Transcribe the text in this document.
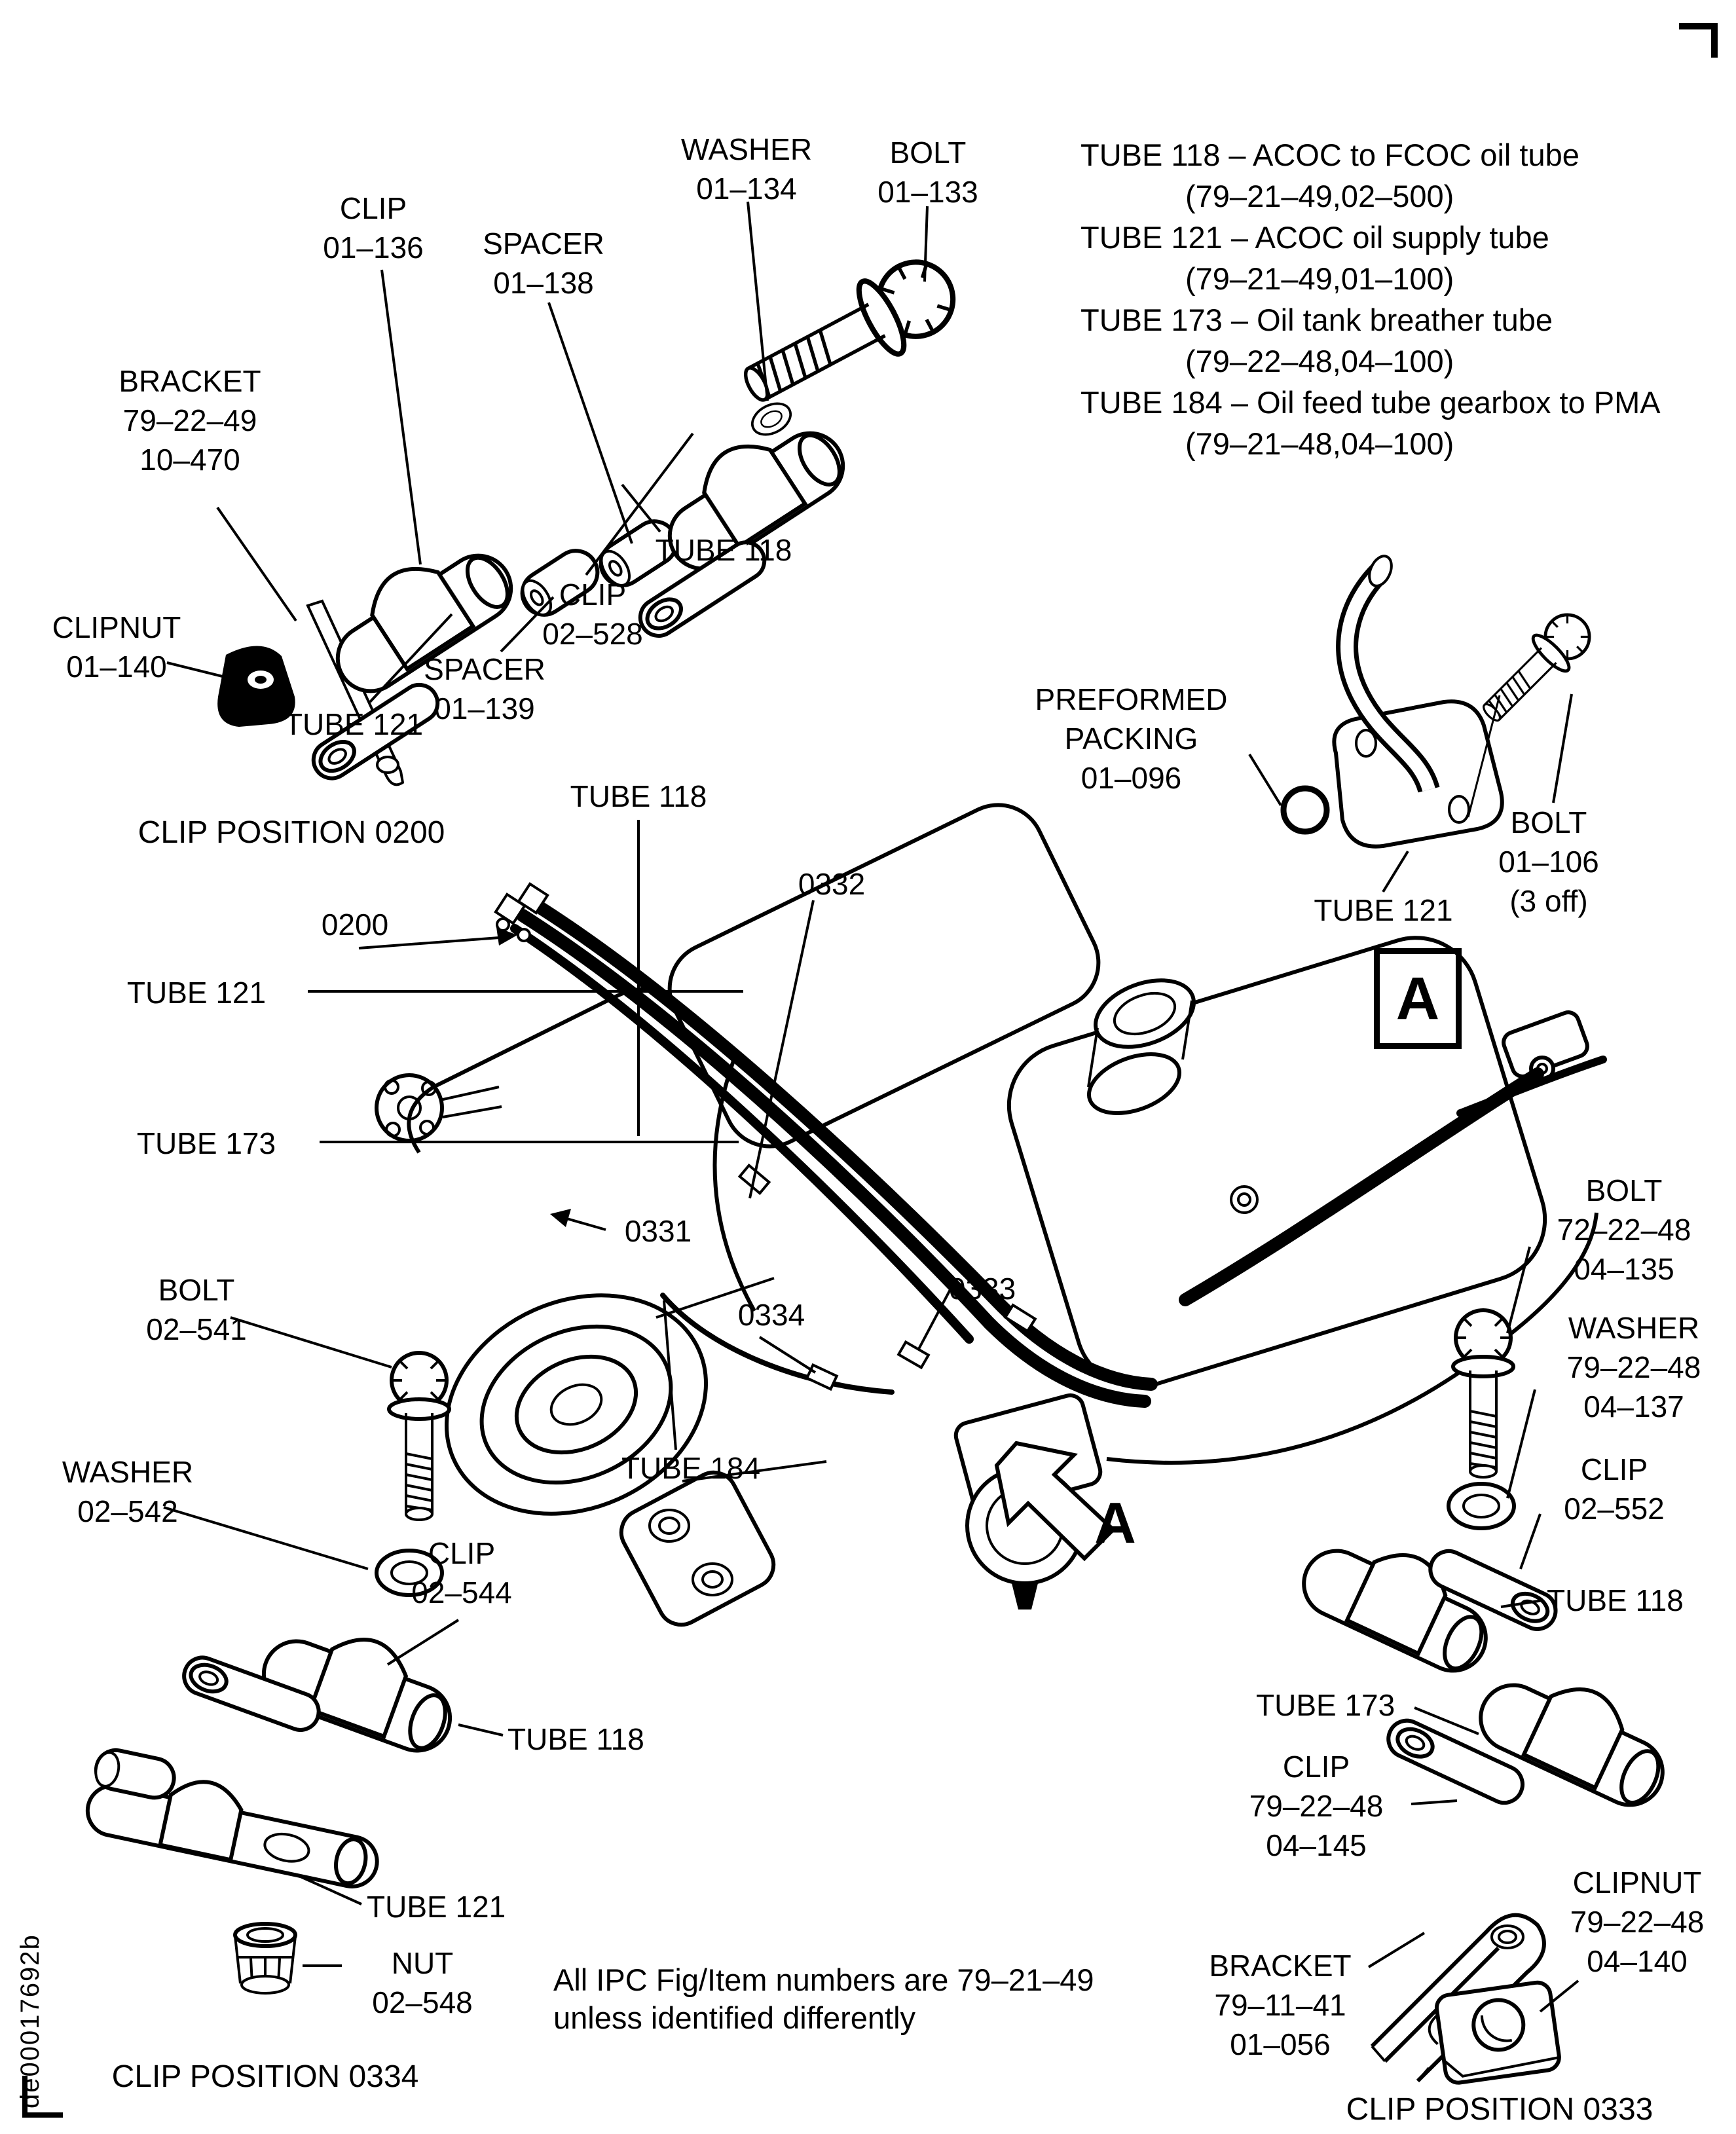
CLIP
01–136	SPACER
01–138
WASHER
01–134
BOLT
01–133
BRACKET
79–22–49
10–470
CLIPNUT
01–140
TUBE 121
SPACER
01–139
CLIP
02–528
TUBE 118
CLIP POSITION 0200
TUBE 118 – ACOC to FCOC oil tube
(79–21–49,02–500)
TUBE 121 – ACOC oil supply tube
(79–21–49,01–100)
TUBE 173 – Oil tank breather tube
(79–22–48,04–100)
TUBE 184 – Oil feed tube gearbox to PMA
(79–21–48,04–100)
PREFORMED
PACKING
01–096
TUBE 121
BOLT
01–106
(3 off)
A
TUBE 118
0332
0200
TUBE 121
TUBE 173
0331
0333
0334
TUBE 184
A
BOLT
02–541
WASHER
02–542
CLIP
02–544
TUBE 118
TUBE 121
NUT
02–548
CLIP POSITION 0334
All IPC Fig/Item numbers are 79–21–49
unless identified differently
BOLT
72–22–48
04–135
WASHER
79–22–48
04–137
CLIP
02–552
TUBE 118
TUBE 173
CLIP
79–22–48
04–145
CLIPNUT
79–22–48
04–140
BRACKET
79–11–41
01–056
CLIP POSITION 0333
de00017692b
